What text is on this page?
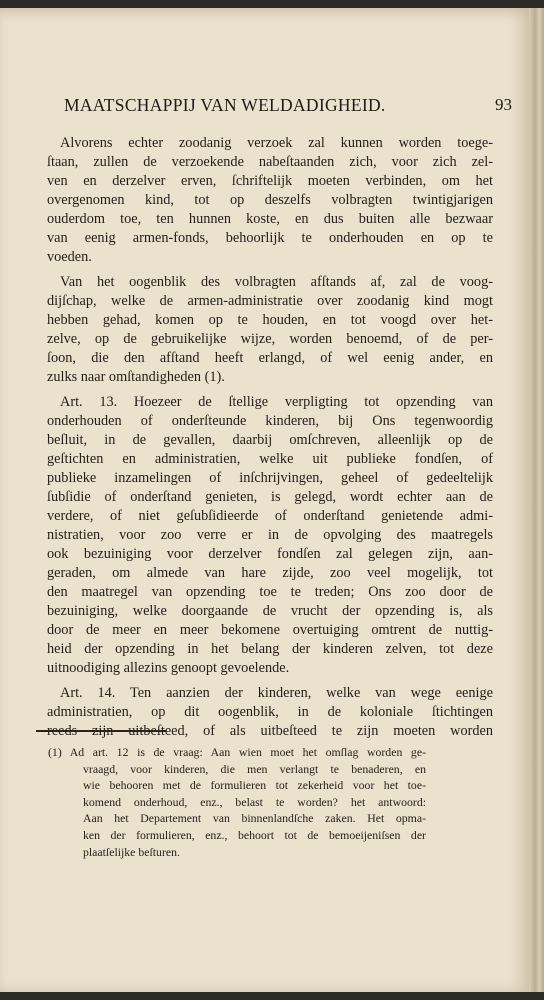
MAATSCHAPPIJ VAN WELDADIGHEID.	93
Alvorens echter zoodanig verzoek zal kunnen worden toege-
ſtaan, zullen de verzoekende nabeſtaanden zich, voor zich zel-
ven en derzelver erven, ſchriftelijk moeten verbinden, om het
overgenomen kind, tot op deszelfs volbragten twintigjarigen
ouderdom toe, ten hunnen koste, en dus buiten alle bezwaar
van eenig armen-fonds, behoorlijk te onderhouden en op te
voeden.
Van het oogenblik des volbragten afſtands af, zal de voog-
dijſchap, welke de armen-administratie over zoodanig kind mogt
hebben gehad, komen op te houden, en tot voogd over het-
zelve, op de gebruikelijke wijze, worden benoemd, of de per-
ſoon, die den afſtand heeft erlangd, of wel eenig ander, en
zulks naar omſtandigheden (1).
Art. 13. Hoezeer de ſtellige verpligting tot opzending van
onderhouden of onderſteunde kinderen, bij Ons tegenwoordig
beſluit, in de gevallen, daarbij omſchreven, alleenlijk op de
geſtichten en administratien, welke uit publieke fondſen, of
publieke inzamelingen of inſchrijvingen, geheel of gedeeltelijk
ſubſidie of onderſtand genieten, is gelegd, wordt echter aan de
verdere, of niet geſubſidieerde of onderſtand genietende admi-
nistratien, voor zoo verre er in de opvolging des maatregels
ook bezuiniging voor derzelver fondſen zal gelegen zijn, aan-
geraden, om almede van hare zijde, zoo veel mogelijk, tot
den maatregel van opzending toe te treden; Ons zoo door de
bezuiniging, welke doorgaande de vrucht der opzending is, als
door de meer en meer bekomene overtuiging omtrent de nuttig-
heid der opzending in het belang der kinderen zelven, tot deze
uitnoodiging allezins genoopt gevoelende.
Art. 14. Ten aanzien der kinderen, welke van wege eenige
administratien, op dit oogenblik, in de koloniale ſtichtingen
reeds zijn uitbeſteed, of als uitbeſteed te zijn moeten worden
(1) Ad art. 12 is de vraag: Aan wien moet het omſlag worden ge-
vraagd, voor kinderen, die men verlangt te benaderen, en
wie behooren met de formulieren tot zekerheid voor het toe-
komend onderhoud, enz., belast te worden? het antwoord:
Aan het Departement van binnenlandſche zaken. Het opma-
ken der formulieren, enz., behoort tot de bemoeijeniſsen der
plaatſelijke beſturen.
